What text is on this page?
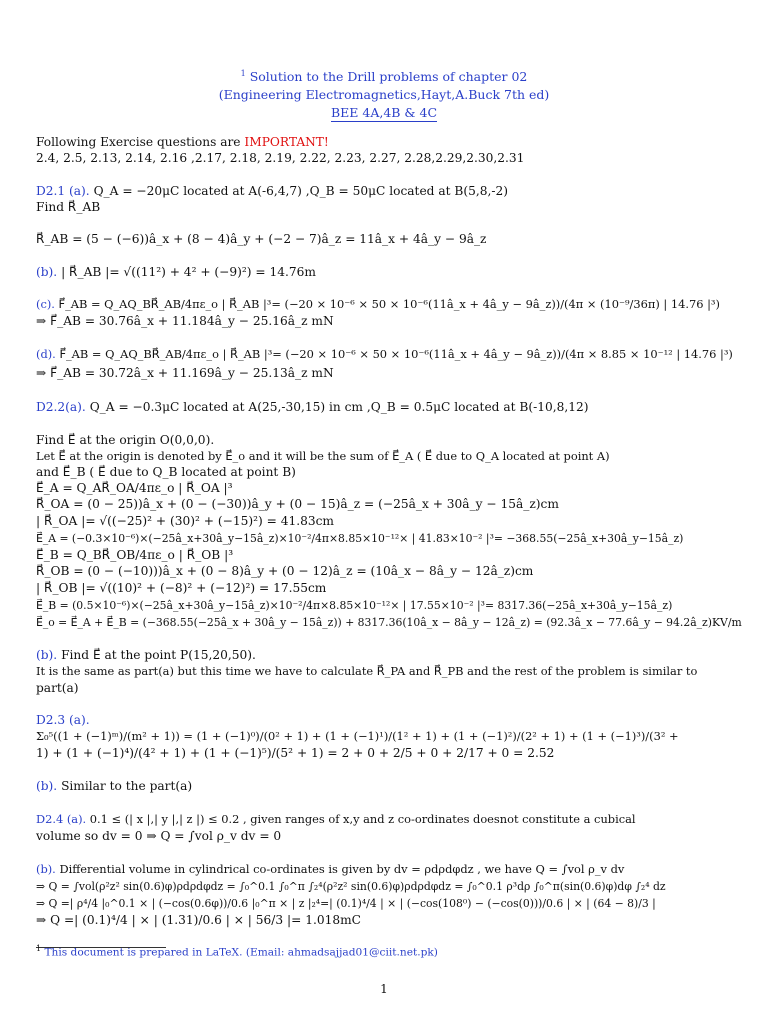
$^1$ Solution to the Drill problems of chapter 02
(Engineering Electromagnetics,Hayt,A.Buck 7th ed)
BEE 4A,4B & 4C
Following Exercise questions are IMPORTANT!
2.4, 2.5, 2.13, 2.14, 2.16 ,2.17, 2.18, 2.19, 2.22, 2.23, 2.27, 2.28,2.29,2.30,2.31
D2.1 (a). Q_A = −20μC located at A(-6,4,7) ,Q_B = 50μC located at B(5,8,-2)
Find R⃗_AB
R⃗_AB = (5 − (−6))â_x + (8 − 4)â_y + (−2 − 7)â_z = 11â_x + 4â_y − 9â_z
(b). | R⃗_AB |= √((11²) + 4² + (−9)²) = 14.76m
(c). F⃗_AB = Q_AQ_BR⃗_AB/4πε_o | R⃗_AB |³= (−20 × 10⁻⁶ × 50 × 10⁻⁶(11â_x + 4â_y − 9â_z))/(4π × (10⁻⁹/36π) | 14.76 |³)
⇒ F⃗_AB = 30.76â_x + 11.184â_y − 25.16â_z mN
(d). F⃗_AB = Q_AQ_BR⃗_AB/4πε_o | R⃗_AB |³= (−20 × 10⁻⁶ × 50 × 10⁻⁶(11â_x + 4â_y − 9â_z))/(4π × 8.85 × 10⁻¹² | 14.76 |³)
⇒ F⃗_AB = 30.72â_x + 11.169â_y − 25.13â_z mN
D2.2(a). Q_A = −0.3μC located at A(25,-30,15) in cm ,Q_B = 0.5μC located at B(-10,8,12)
Find E⃗ at the origin O(0,0,0).
Let E⃗ at the origin is denoted by E⃗_o and it will be the sum of E⃗_A ( E⃗ due to Q_A located at point A)
and E⃗_B ( E⃗ due to Q_B located at point B)
E⃗_A = Q_AR⃗_OA/4πε_o | R⃗_OA |³
R⃗_OA = (0 − 25))â_x + (0 − (−30))â_y + (0 − 15)â_z = (−25â_x + 30â_y − 15â_z)cm
| R⃗_OA |= √((−25)² + (30)² + (−15)²) = 41.83cm
E⃗_A = (−0.3×10⁻⁶)×(−25â_x+30â_y−15â_z)×10⁻²/4π×8.85×10⁻¹²× | 41.83×10⁻² |³= −368.55(−25â_x+30â_y−15â_z)
E⃗_B = Q_BR⃗_OB/4πε_o | R⃗_OB |³
R⃗_OB = (0 − (−10)))â_x + (0 − 8)â_y + (0 − 12)â_z = (10â_x − 8â_y − 12â_z)cm
| R⃗_OB |= √((10)² + (−8)² + (−12)²) = 17.55cm
E⃗_B = (0.5×10⁻⁶)×(−25â_x+30â_y−15â_z)×10⁻²/4π×8.85×10⁻¹²× | 17.55×10⁻² |³= 8317.36(−25â_x+30â_y−15â_z)
E⃗_o = E⃗_A + E⃗_B = (−368.55(−25â_x + 30â_y − 15â_z)) + 8317.36(10â_x − 8â_y − 12â_z) = (92.3â_x − 77.6â_y − 94.2â_z)KV/m
(b). Find E⃗ at the point P(15,20,50).
It is the same as part(a) but this time we have to calculate R⃗_PA and R⃗_PB and the rest of the problem is similar to
part(a)
D2.3 (a).
Σ₀⁵((1 + (−1)ᵐ)/(m² + 1)) = (1 + (−1)⁰)/(0² + 1) + (1 + (−1)¹)/(1² + 1) + (1 + (−1)²)/(2² + 1) + (1 + (−1)³)/(3² +
1) + (1 + (−1)⁴)/(4² + 1) + (1 + (−1)⁵)/(5² + 1) = 2 + 0 + 2/5 + 0 + 2/17 + 0 = 2.52
(b). Similar to the part(a)
D2.4 (a). 0.1 ≤ (| x |,| y |,| z |) ≤ 0.2 , given ranges of x,y and z co-ordinates doesnot constitute a cubical
volume so dv = 0 ⇒ Q = ∫vol ρ_v dv = 0
(b). Differential volume in cylindrical co-ordinates is given by dv = ρdρdφdz , we have Q = ∫vol ρ_v dv
⇒ Q = ∫vol(ρ²z² sin(0.6)φ)ρdρdφdz = ∫₀^0.1 ∫₀^π ∫₂⁴(ρ²z² sin(0.6)φ)ρdρdφdz = ∫₀^0.1 ρ³dρ ∫₀^π(sin(0.6)φ)dφ ∫₂⁴ dz
⇒ Q =| ρ⁴/4 |₀^0.1 × | (−cos(0.6φ))/0.6 |₀^π × | z |₂⁴=| (0.1)⁴/4 | × | (−cos(108⁰) − (−cos(0)))/0.6 | × | (64 − 8)/3 |
⇒ Q =| (0.1)⁴/4 | × | (1.31)/0.6 | × | 56/3 |= 1.018mC
$^1$ This document is prepared in LaTeX. (Email: ahmadsajjad01@ciit.net.pk)
1
